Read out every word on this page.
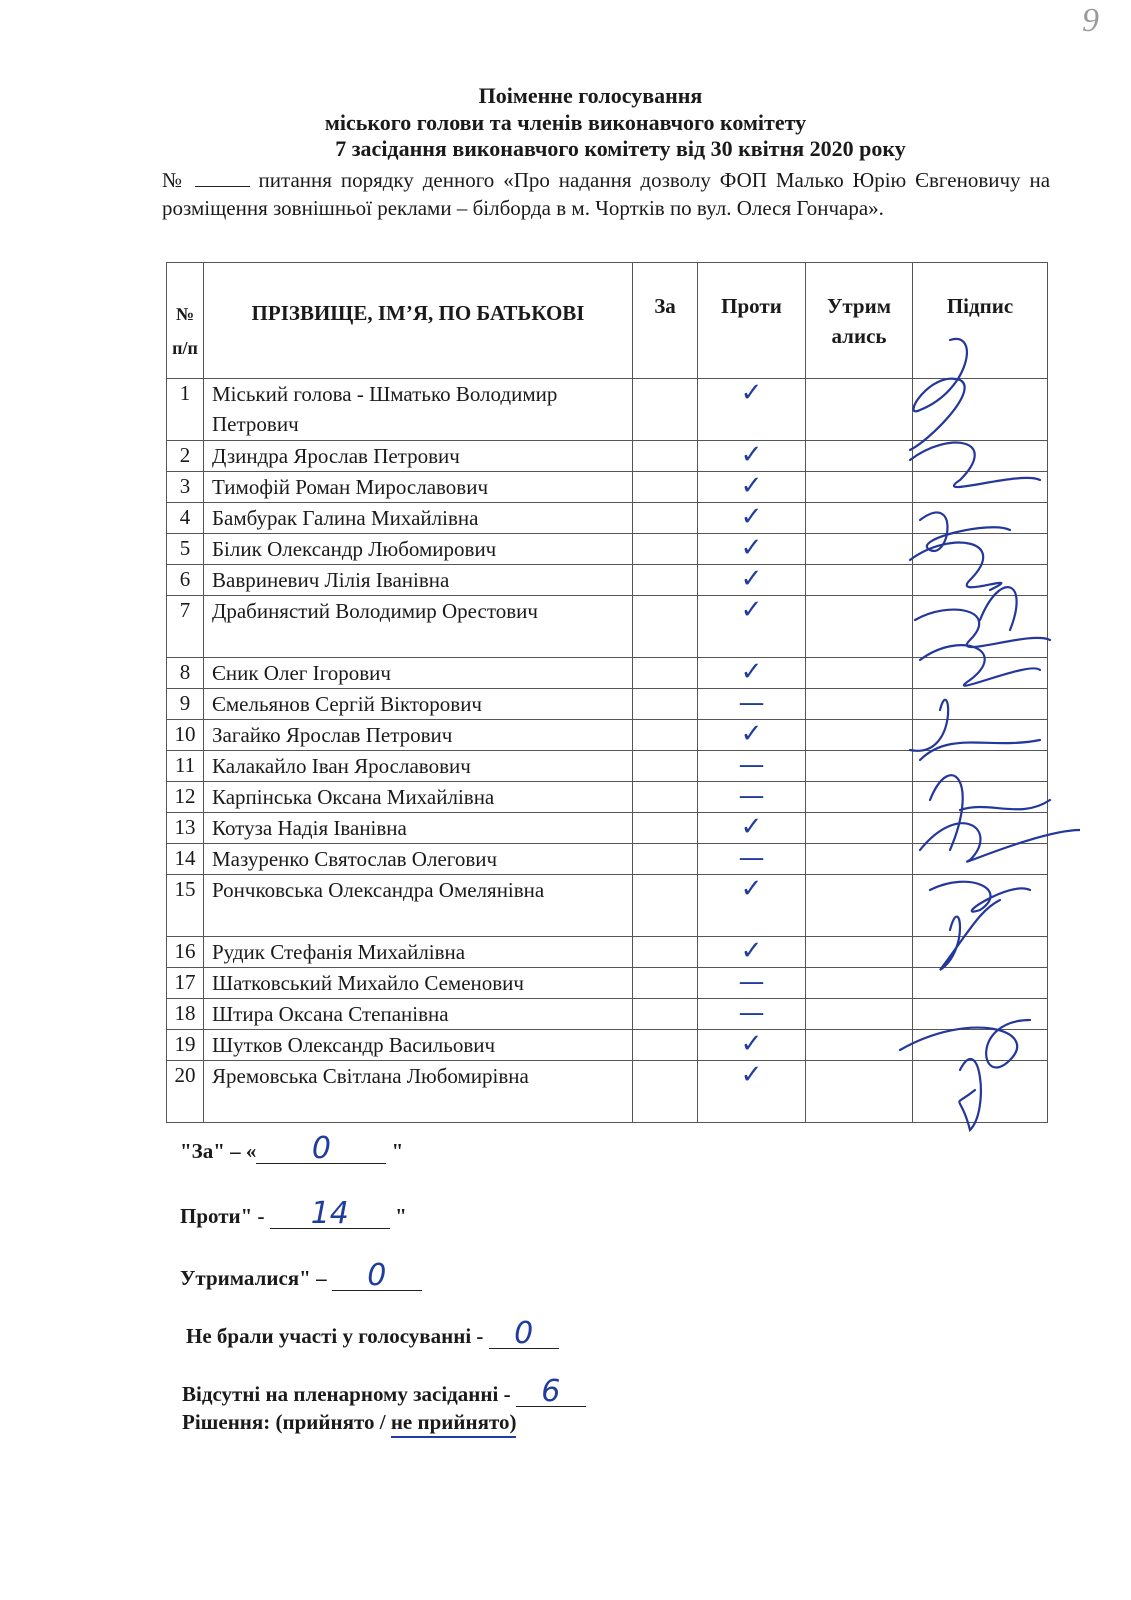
9
Поіменне голосування
міського голови та членів виконавчого комітету
7 засідання виконавчого комітету від 30 квітня 2020 року
№	питання порядку денного «Про надання дозволу ФОП Малько Юрію Євгеновичу на розміщення зовнішньої реклами – білборда в м. Чортків по вул. Олеся Гончара».
№ п/п	ПРІЗВИЩЕ, ІМ’Я, ПО БАТЬКОВІ	За	Проти	Утрим ались	Підпис
1	Міський голова - Шматько Володимир Петрович		✓		
2	Дзиндра Ярослав Петрович		✓		
3	Тимофій Роман Мирославович		✓		
4	Бамбурак Галина Михайлівна		✓		
5	Білик Олександр Любомирович		✓		
6	Вавриневич Лілія Іванівна		✓		
7	Драбинястий Володимир Орестович		✓		
8	Єник Олег Ігорович		✓		
9	Ємельянов Сергій Вікторович		—		
10	Загайко Ярослав Петрович		✓		
11	Калакайло Іван Ярославович		—		
12	Карпінська Оксана Михайлівна		—		
13	Котуза Надія Іванівна		✓		
14	Мазуренко Святослав Олегович		—		
15	Рончковська Олександра Омелянівна		✓		
16	Рудик Стефанія Михайлівна		✓		
17	Шатковський Михайло Семенович		—		
18	Штира Оксана Степанівна		—		
19	Шутков Олександр Васильович		✓		
20	Яремовська Світлана Любомирівна		✓		
"За" – « 0	"
Проти" - 14 "
Утрималися" – 0
Не брали участі у голосуванні - 0
Відсутні на пленарному засіданні - 6
Рішення: (прийнято / не прийнято)
